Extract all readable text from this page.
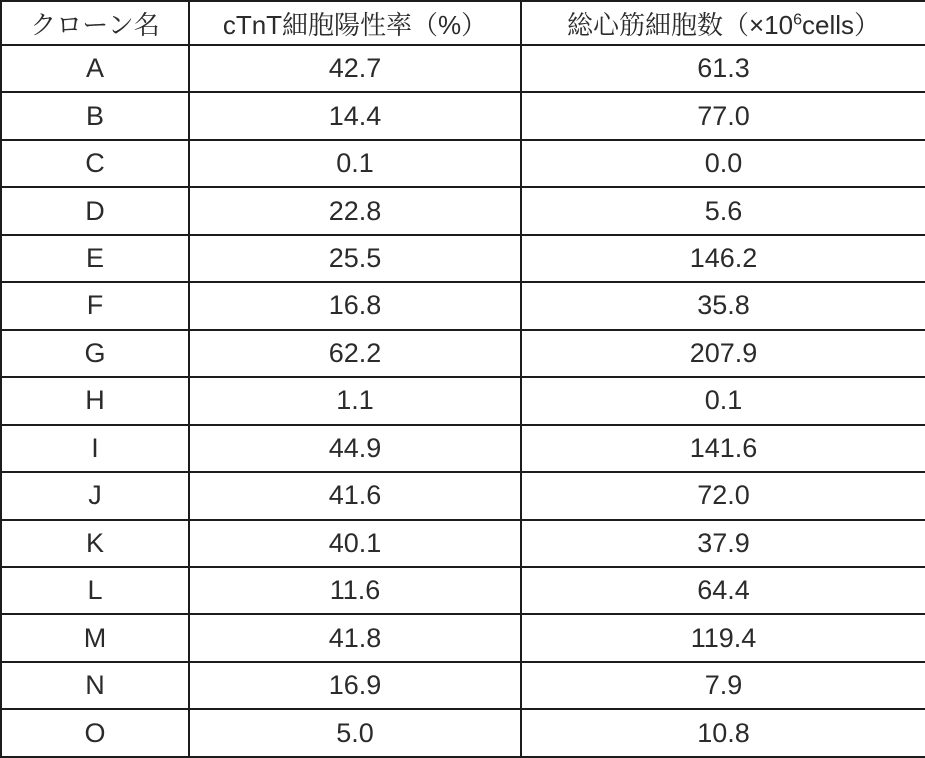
クローン名	cTnT細胞陽性率（%）	総心筋細胞数$(\times 10^6cells)$
A	42.7	61.3
B	14.4	77.0
C	0.1	0.0
D	22.8	5.6
E	25.5	146.2
F	16.8	35.8
G	62.2	207.9
H	1.1	0.1
I	44.9	141.6
J	41.6	72.0
K	40.1	37.9
L	11.6	64.4
M	41.8	119.4
N	16.9	7.9
O	5.0	10.8
